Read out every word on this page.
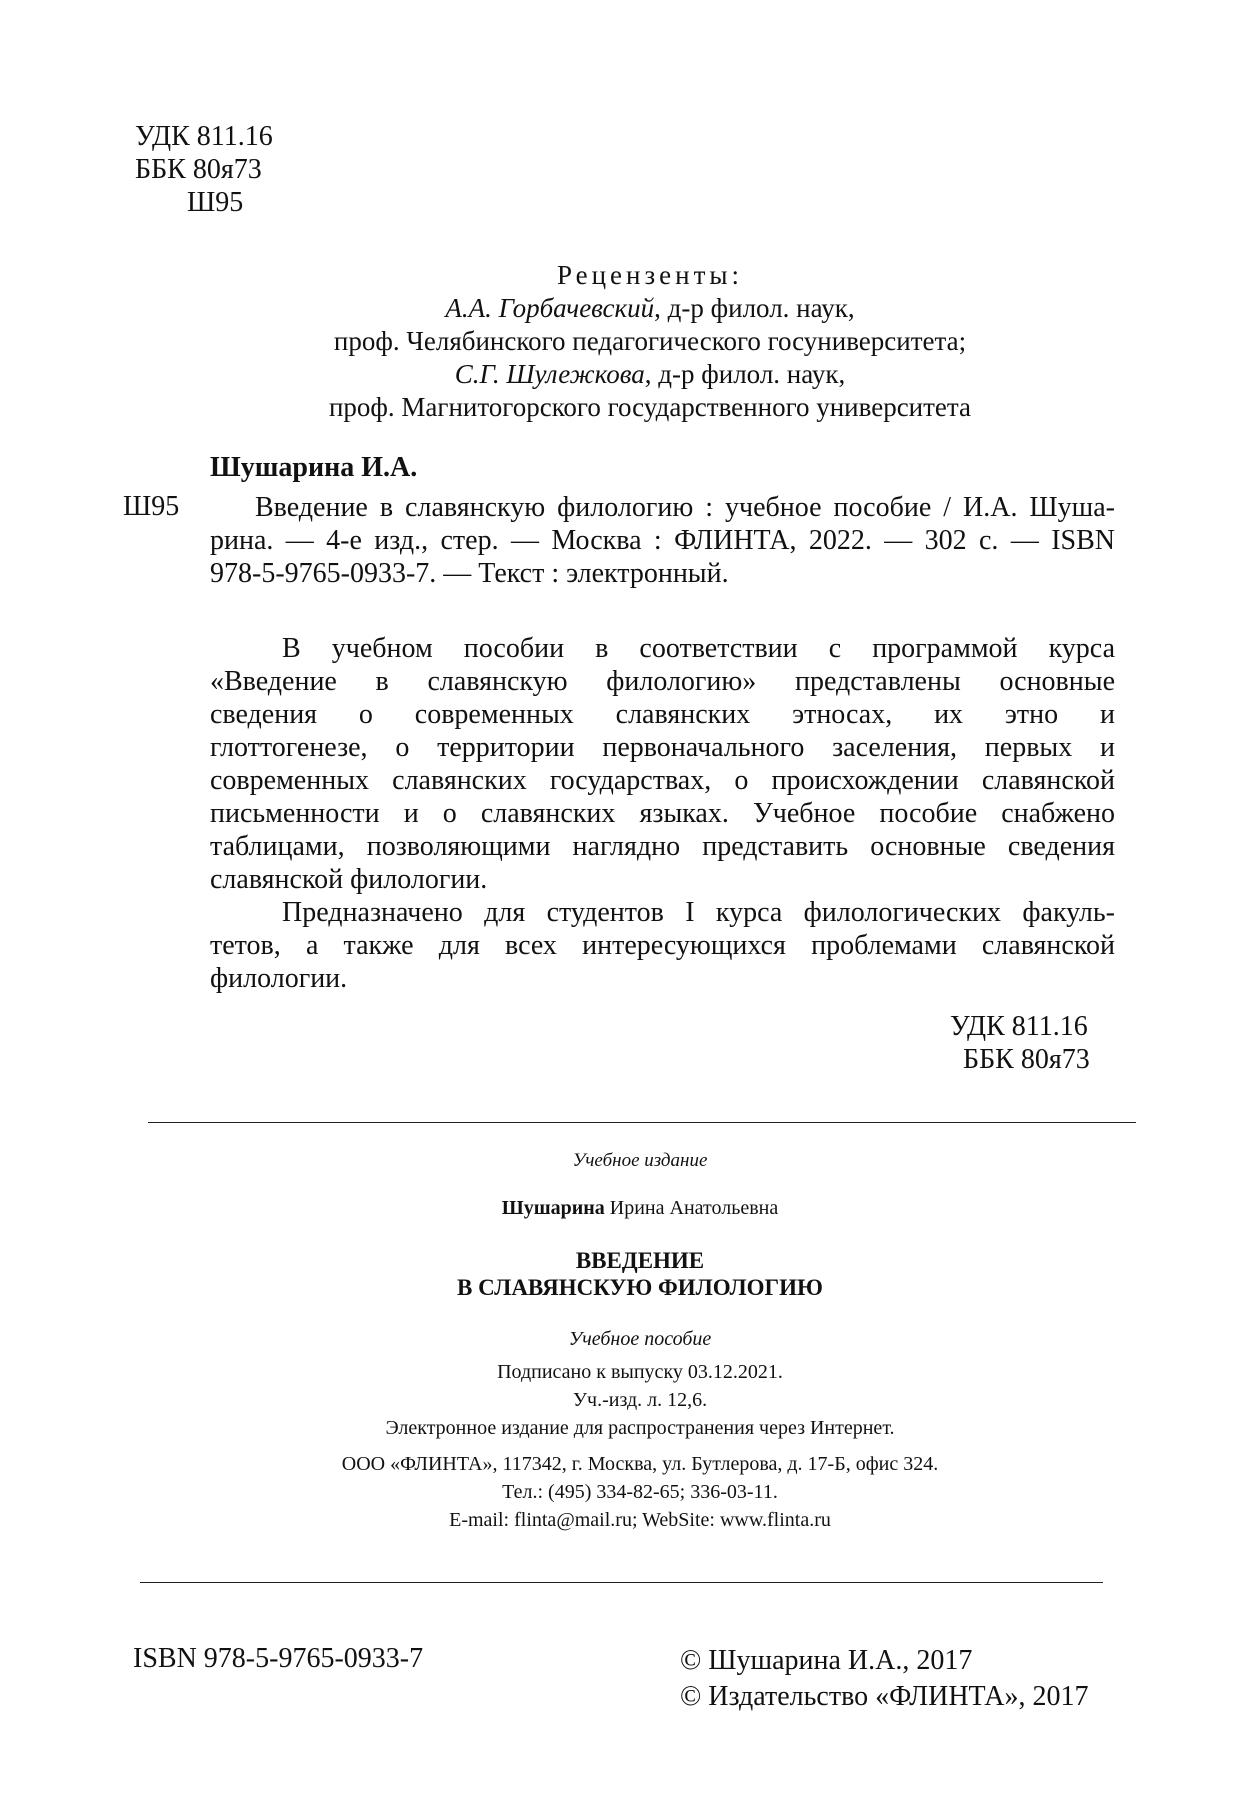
УДК 811.16
ББК 80я73
Ш95
Рецензенты:
А.А. Горбачевский, д-р филол. наук,
проф. Челябинского педагогического госуниверситета;
С.Г. Шулежкова, д-р филол. наук,
проф. Магнитогорского государственного университета
Шушарина И.А.
Ш95	Введение в славянскую филологию : учебное пособие / И.А. Шуша-
рина. — 4-е изд., стер. — Москва : ФЛИНТА, 2022. — 302 с. — ISBN
978-5-9765-0933-7. — Текст : электронный.
В учебном пособии в соответствии с программой курса
«Введение в славянскую филологию» представлены основные
сведения о современных славянских этносах, их этно и
глоттогенезе, о территории первоначального заселения, первых и
современных славянских государствах, о происхождении славянской
письменности и о славянских языках. Учебное пособие снабжено
таблицами, позволяющими наглядно представить основные сведения
славянской филологии.
Предназначено для студентов I курса филологических факуль-
тетов, а также для всех интересующихся проблемами славянской
филологии.
УДК 811.16
ББК 80я73
Учебное издание
Шушарина Ирина Анатольевна
ВВЕДЕНИЕ
В СЛАВЯНСКУЮ ФИЛОЛОГИЮ
Учебное пособие
Подписано к выпуску 03.12.2021.
Уч.-изд. л. 12,6.
Электронное издание для распространения через Интернет.
ООО «ФЛИНТА», 117342, г. Москва, ул. Бутлерова, д. 17-Б, офис 324.
Тел.: (495) 334-82-65; 336-03-11.
E-mail: flinta@mail.ru; WebSite: www.flinta.ru
ISBN 978-5-9765-0933-7	© Шушарина И.А., 2017
© Издательство «ФЛИНТА», 2017
